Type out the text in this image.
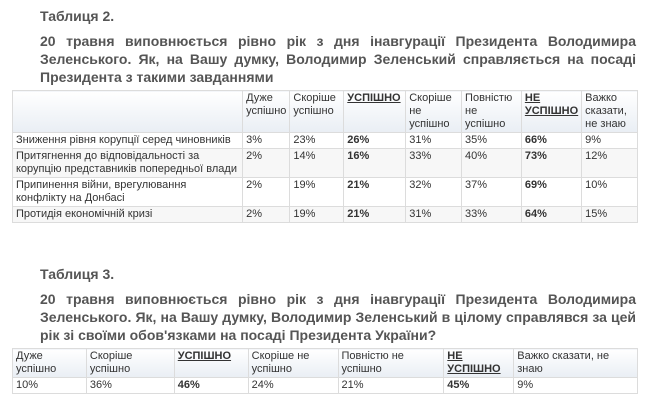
Таблиця 2.
20 травня виповнюється рівно рік з дня інавгурації Президента Володимира Зеленського. Як, на Вашу думку, Володимир Зеленський справляється на посаді Президента з такими завданнями
	Дуже успішно	Скоріше успішно	УСПІШНО	Скоріше не успішно	Повністю не успішно	НЕ УСПІШНО	Важко сказати, не знаю
Зниження рівня корупції серед чиновників	3%	23%	26%	31%	35%	66%	9%
Притягнення до відповідальності за корупцію представників попередньої влади	2%	14%	16%	33%	40%	73%	12%
Припинення війни, врегулювання конфлікту на Донбасі	2%	19%	21%	32%	37%	69%	10%
Протидія економічній кризі	2%	19%	21%	31%	33%	64%	15%
Таблиця 3.
20 травня виповнюється рівно рік з дня інавгурації Президента Володимира Зеленського. Як, на Вашу думку, Володимир Зеленський в цілому справлявся за цей рік зі своїми обов'язками на посаді Президента України?
Дуже успішно	Скоріше успішно	УСПІШНО	Скоріше не успішно	Повністю не успішно	НЕ УСПІШНО	Важко сказати, не знаю
10%	36%	46%	24%	21%	45%	9%
